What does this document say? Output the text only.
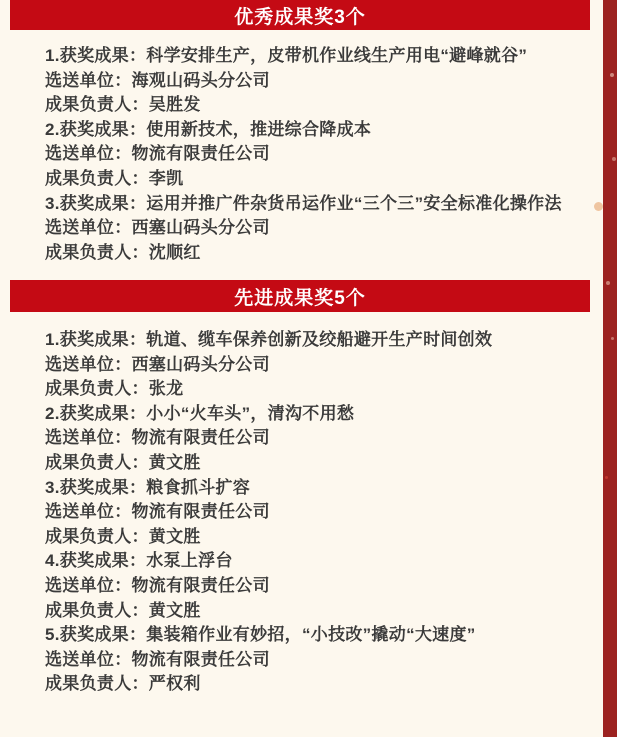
优秀成果奖3个
1.获奖成果：科学安排生产，皮带机作业线生产用电“避峰就谷”
选送单位：海观山码头分公司
成果负责人：吴胜发
2.获奖成果：使用新技术，推进综合降成本
选送单位：物流有限责任公司
成果负责人：李凯
3.获奖成果：运用并推广件杂货吊运作业“三个三”安全标准化操作法
选送单位：西塞山码头分公司
成果负责人：沈顺红
先进成果奖5个
1.获奖成果：轨道、缆车保养创新及绞船避开生产时间创效
选送单位：西塞山码头分公司
成果负责人：张龙
2.获奖成果：小小“火车头”，清沟不用愁
选送单位：物流有限责任公司
成果负责人：黄文胜
3.获奖成果：粮食抓斗扩容
选送单位：物流有限责任公司
成果负责人：黄文胜
4.获奖成果：水泵上浮台
选送单位：物流有限责任公司
成果负责人：黄文胜
5.获奖成果：集装箱作业有妙招，“小技改”撬动“大速度”
选送单位：物流有限责任公司
成果负责人：严权利
